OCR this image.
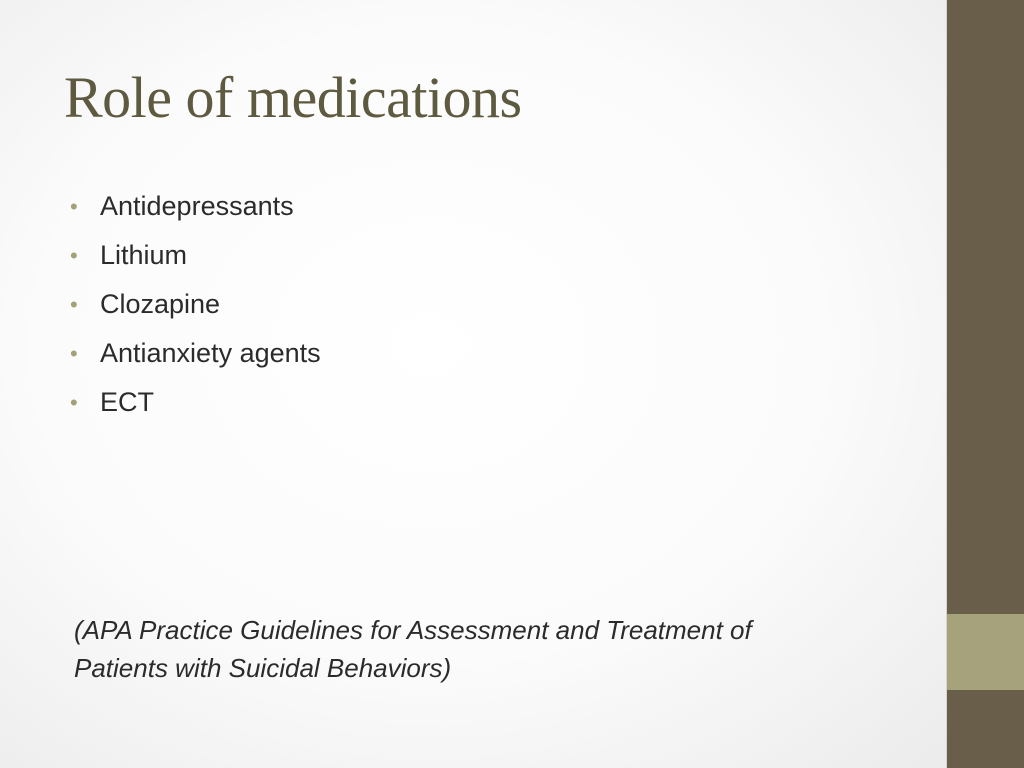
Role of medications
• Antidepressants
• Lithium
• Clozapine
• Antianxiety agents
• ECT

(APA Practice Guidelines for Assessment and Treatment of
Patients with Suicidal Behaviors)
